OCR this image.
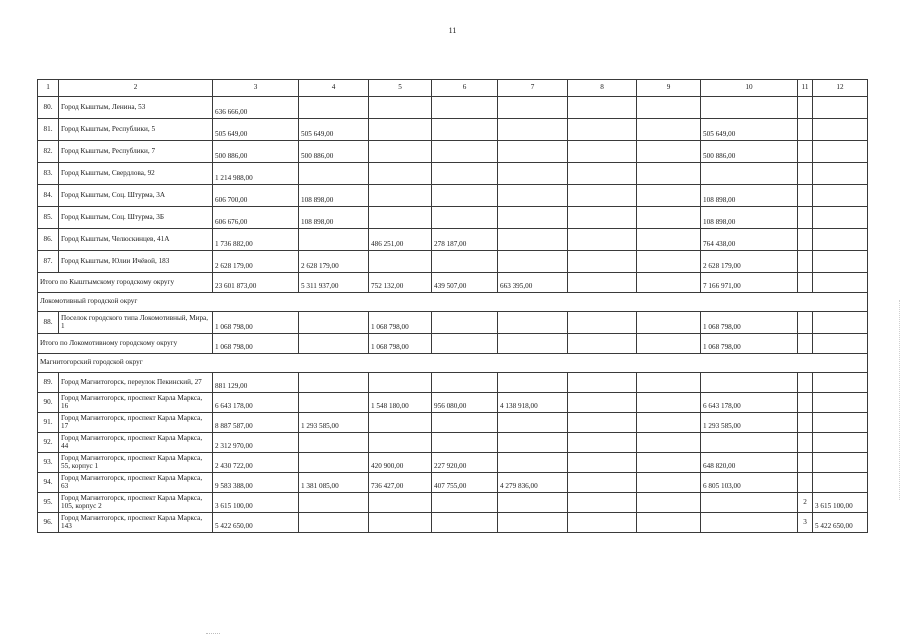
11
1	2	3	4	5	6	7	8	9	10	11	12
80.	Город Кыштым, Ленина, 53	636 666,00									
81.	Город Кыштым, Республики, 5	505 649,00	505 649,00						505 649,00		
82.	Город Кыштым, Республики, 7	500 886,00	500 886,00						500 886,00		
83.	Город Кыштым, Свердлова, 92	1 214 988,00									
84.	Город Кыштым, Соц. Штурма, 3А	606 700,00	108 898,00						108 898,00		
85.	Город Кыштым, Соц. Штурма, 3Б	606 676,00	108 898,00						108 898,00		
86.	Город Кыштым, Челюскинцев, 41А	1 736 882,00		486 251,00	278 187,00				764 438,00		
87.	Город Кыштым, Юлии Ичёвой, 183	2 628 179,00	2 628 179,00						2 628 179,00		
Итого по Кыштымскому городскому округу		23 601 873,00	5 311 937,00	752 132,00	439 507,00	663 395,00			7 166 971,00		
Локомотивный городской округ											
88.	Поселок городского типа Локомотивный, Мира, 1	1 068 798,00		1 068 798,00					1 068 798,00		
Итого по Локомотивному городскому округу		1 068 798,00		1 068 798,00					1 068 798,00		
Магнитогорский городской округ											
89.	Город Магнитогорск, переулок Пекинский, 27	881 129,00									
90.	Город Магнитогорск, проспект Карла Маркса, 16	6 643 178,00		1 548 180,00	956 080,00	4 138 918,00			6 643 178,00		
91.	Город Магнитогорск, проспект Карла Маркса, 17	8 887 587,00	1 293 585,00						1 293 585,00		
92.	Город Магнитогорск, проспект Карла Маркса, 44	2 312 970,00									
93.	Город Магнитогорск, проспект Карла Маркса, 55, корпус 1	2 430 722,00		420 900,00	227 920,00				648 820,00		
94.	Город Магнитогорск, проспект Карла Маркса, 63	9 583 388,00	1 381 085,00	736 427,00	407 755,00	4 279 836,00			6 805 103,00		
95.	Город Магнитогорск, проспект Карла Маркса, 105, корпус 2	3 615 100,00								2	3 615 100,00
96.	Город Магнитогорск, проспект Карла Маркса, 143	5 422 650,00								3	5 422 650,00
